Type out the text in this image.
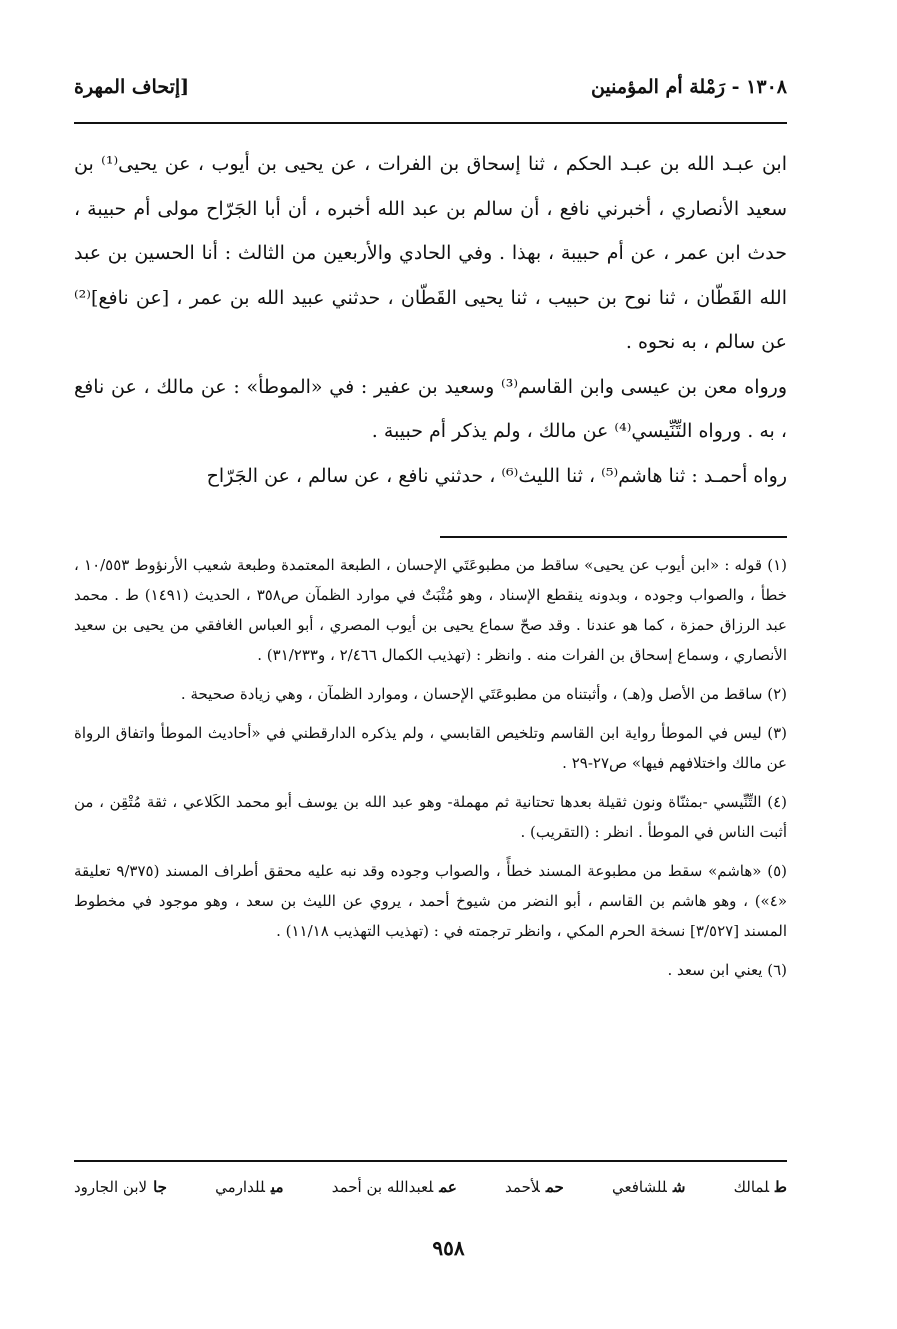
١٣٠٨ - رَمْلة أم المؤمنين
[إتحاف المهرة

ابن عبـد الله بن عبـد الحكم ، ثنا إسحاق بن الفرات ، عن يحيى بن أيوب ، عن يحيى⁽¹⁾ بن سعيد الأنصاري ، أخبرني نافع ، أن سالم بن عبد الله أخبره ، أن أبا الجَرّاح مولى أم حبيبة ، حدث ابن عمر ، عن أم حبيبة ، بهذا . وفي الحادي والأربعين من الثالث : أنا الحسين بن عبد الله القَطّان ، ثنا نوح بن حبيب ، ثنا يحيى القَطّان ، حدثني عبيد الله بن عمر ، [عن نافع]⁽²⁾ عن سالم ، به نحوه .

ورواه معن بن عيسى وابن القاسم⁽³⁾ وسعيد بن عفير : في «الموطأ» : عن مالك ، عن نافع ، به . ورواه التِّنِّيسي⁽⁴⁾ عن مالك ، ولم يذكر أم حبيبة .

رواه أحمـد : ثنا هاشم⁽⁵⁾ ، ثنا الليث⁽⁶⁾ ، حدثني نافع ، عن سالم ، عن الجَرّاح

(١) قوله : «ابن أيوب عن يحيى» ساقط من مطبوعَتَي الإحسان ، الطبعة المعتمدة وطبعة شعيب الأرنؤوط ١٠/٥٥٣ ، خطأ ، والصواب وجوده ، وبدونه ينقطع الإسناد ، وهو مُثْبَتٌ في موارد الظمآن ص٣٥٨ ، الحديث (١٤٩١) ط . محمد عبد الرزاق حمزة ، كما هو عندنا . وقد صحّ سماع يحيى بن أيوب المصري ، أبو العباس الغافقي من يحيى بن سعيد الأنصاري ، وسماع إسحاق بن الفرات منه . وانظر : (تهذيب الكمال ٢/٤٦٦ ، و٣١/٢٣٣) .

(٢) ساقط من الأصل و(هـ) ، وأثبتناه من مطبوعَتَي الإحسان ، وموارد الظمآن ، وهي زيادة صحيحة .

(٣) ليس في الموطأ رواية ابن القاسم وتلخيص القابسي ، ولم يذكره الدارقطني في «أحاديث الموطأ واتفاق الرواة عن مالك واختلافهم فيها» ص٢٧-٢٩ .

(٤) التِّنِّيسي -بمثنّاة ونون ثقيلة بعدها تحتانية ثم مهملة- وهو عبد الله بن يوسف أبو محمد الكَلاعي ، ثقة مُتْقِن ، من أثبت الناس في الموطأ . انظر : (التقريب) .

(٥) «هاشم» سقط من مطبوعة المسند خطأً ، والصواب وجوده وقد نبه عليه محقق أطراف المسند (٩/٣٧٥ تعليقة «٤») ، وهو هاشم بن القاسم ، أبو النضر من شيوخ أحمد ، يروي عن الليث بن سعد ، وهو موجود في مخطوط المسند [٣/٥٢٧] نسخة الحرم المكي ، وانظر ترجمته في : (تهذيب التهذيب ١١/١٨) .

(٦) يعني ابن سعد .

طلمالك
شللشافعي
حملأحمد
عملعبدالله بن أحمد
ميللدارمي
جالابن الجارود
٩٥٨
